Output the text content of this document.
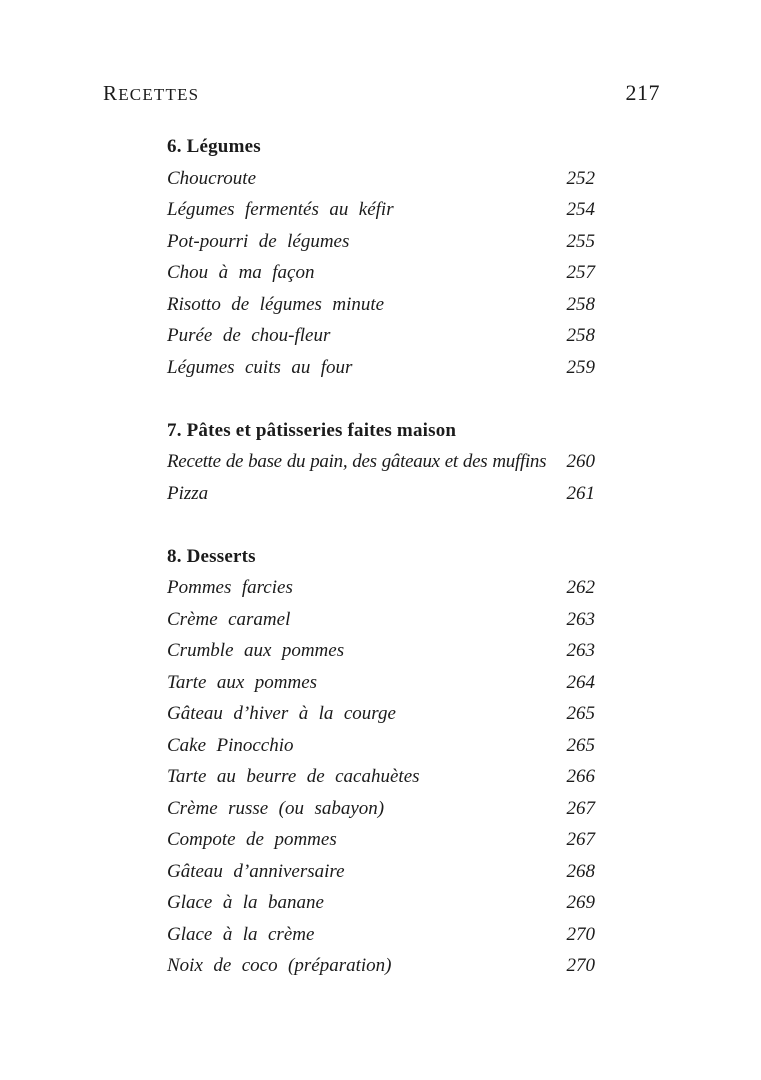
RECETTES	217
6. Légumes
Choucroute	252
Légumes fermentés au kéfir	254
Pot-pourri de légumes	255
Chou à ma façon	257
Risotto de légumes minute	258
Purée de chou-fleur	258
Légumes cuits au four	259
7. Pâtes et pâtisseries faites maison
Recette de base du pain, des gâteaux et des muffins 260
Pizza	261
8. Desserts
Pommes farcies	262
Crème caramel	263
Crumble aux pommes	263
Tarte aux pommes	264
Gâteau d’hiver à la courge	265
Cake Pinocchio	265
Tarte au beurre de cacahuètes	266
Crème russe (ou sabayon)	267
Compote de pommes	267
Gâteau d’anniversaire	268
Glace à la banane	269
Glace à la crème	270
Noix de coco (préparation)	270
